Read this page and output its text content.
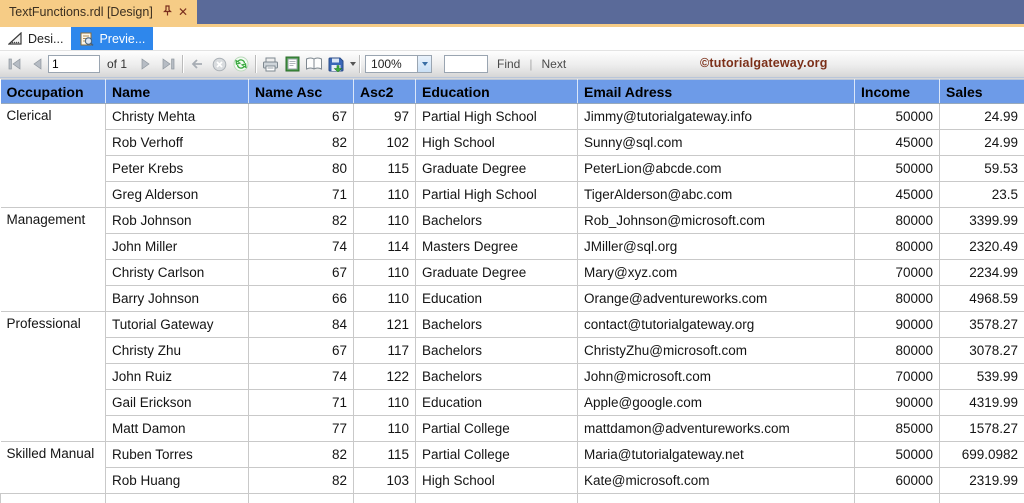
TextFunctions.rdl [Design]	✕
Desi...	Previe...
1
of 1	100%	Find | Next	©tutorialgateway.org
Occupation	Name	Name Asc	Asc2	Education	Email Adress	Income	Sales
Clerical	Christy Mehta	67	97	Partial High School	Jimmy@tutorialgateway.info	50000	24.99
	Rob Verhoff	82	102	High School	Sunny@sql.com	45000	24.99
	Peter Krebs	80	115	Graduate Degree	PeterLion@abcde.com	50000	59.53
	Greg Alderson	71	110	Partial High School	TigerAlderson@abc.com	45000	23.5
Management	Rob Johnson	82	110	Bachelors	Rob_Johnson@microsoft.com	80000	3399.99
	John Miller	74	114	Masters Degree	JMiller@sql.org	80000	2320.49
	Christy Carlson	67	110	Graduate Degree	Mary@xyz.com	70000	2234.99
	Barry Johnson	66	110	Education	Orange@adventureworks.com	80000	4968.59
Professional	Tutorial Gateway	84	121	Bachelors	contact@tutorialgateway.org	90000	3578.27
	Christy Zhu	67	117	Bachelors	ChristyZhu@microsoft.com	80000	3078.27
	John Ruiz	74	122	Bachelors	John@microsoft.com	70000	539.99
	Gail Erickson	71	110	Education	Apple@google.com	90000	4319.99
	Matt Damon	77	110	Partial College	mattdamon@adventureworks.com	85000	1578.27
Skilled Manual	Ruben Torres	82	115	Partial College	Maria@tutorialgateway.net	50000	699.0982
	Rob Huang	82	103	High School	Kate@microsoft.com	60000	2319.99
